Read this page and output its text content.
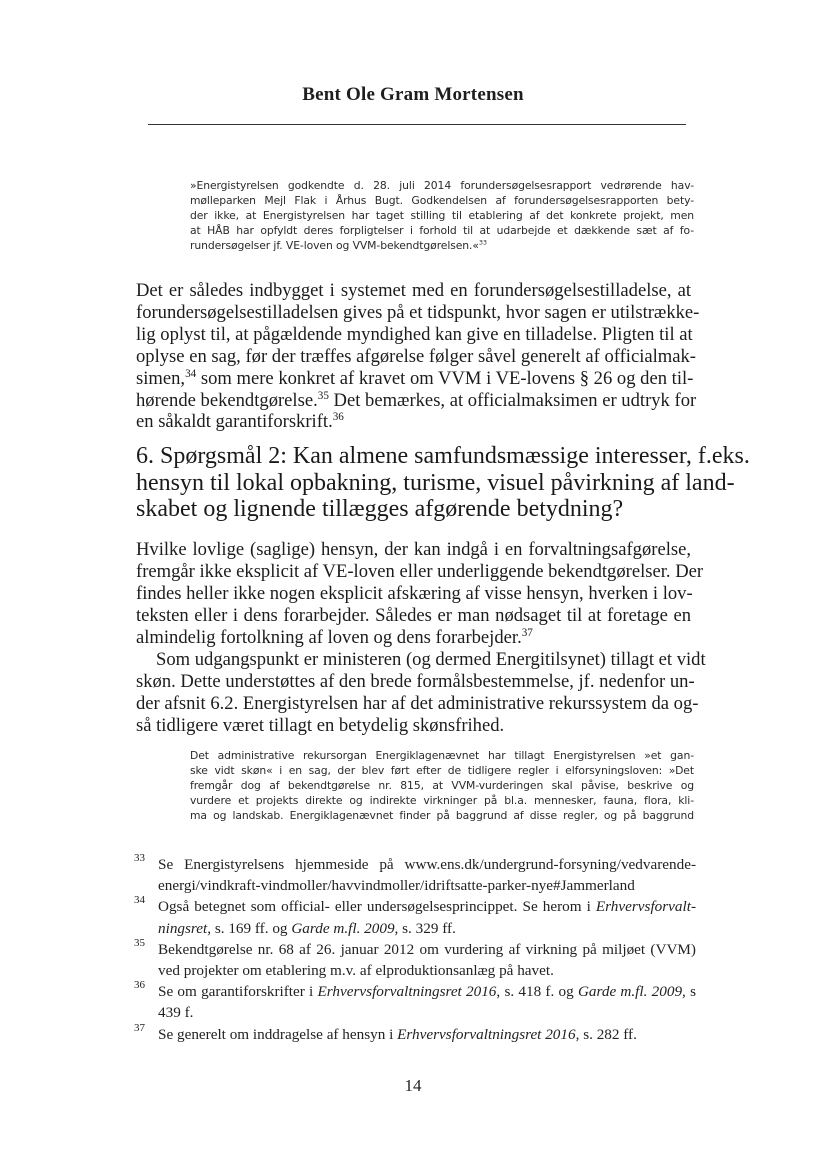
Bent Ole Gram Mortensen
»Energistyrelsen godkendte d. 28. juli 2014 forundersøgelsesrapport vedrørende hav-
mølleparken Mejl Flak i Århus Bugt. Godkendelsen af forundersøgelsesrapporten bety-
der ikke, at Energistyrelsen har taget stilling til etablering af det konkrete projekt, men
at HÅB har opfyldt deres forpligtelser i forhold til at udarbejde et dækkende sæt af fo-
rundersøgelser jf. VE-loven og VVM-bekendtgørelsen.«$^{33}$
Det er således indbygget i systemet med en forundersøgelsestilladelse, at
forundersøgelsestilladelsen gives på et tidspunkt, hvor sagen er utilstrække-
lig oplyst til, at pågældende myndighed kan give en tilladelse. Pligten til at
oplyse en sag, før der træffes afgørelse følger såvel generelt af officialmak-
simen,$^{34}$ som mere konkret af kravet om VVM i VE-lovens § 26 og den til-
hørende bekendtgørelse.$^{35}$ Det bemærkes, at officialmaksimen er udtryk for
en såkaldt garantiforskrift.$^{36}$
6. Spørgsmål 2: Kan almene samfundsmæssige interesser, f.eks.
hensyn til lokal opbakning, turisme, visuel påvirkning af land-
skabet og lignende tillægges afgørende betydning?
Hvilke lovlige (saglige) hensyn, der kan indgå i en forvaltningsafgørelse,
fremgår ikke eksplicit af VE-loven eller underliggende bekendtgørelser. Der
findes heller ikke nogen eksplicit afskæring af visse hensyn, hverken i lov-
teksten eller i dens forarbejder. Således er man nødsaget til at foretage en
almindelig fortolkning af loven og dens forarbejder.$^{37}$
Som udgangspunkt er ministeren (og dermed Energitilsynet) tillagt et vidt
skøn. Dette understøttes af den brede formålsbestemmelse, jf. nedenfor un-
der afsnit 6.2. Energistyrelsen har af det administrative rekurssystem da og-
så tidligere været tillagt en betydelig skønsfrihed.
Det administrative rekursorgan Energiklagenævnet har tillagt Energistyrelsen »et gan-
ske vidt skøn« i en sag, der blev ført efter de tidligere regler i elforsyningsloven: »Det
fremgår dog af bekendtgørelse nr. 815, at VVM-vurderingen skal påvise, beskrive og
vurdere et projekts direkte og indirekte virkninger på bl.a. mennesker, fauna, flora, kli-
ma og landskab. Energiklagenævnet finder på baggrund af disse regler, og på baggrund
33 Se Energistyrelsens hjemmeside på www.ens.dk/undergrund-forsyning/vedvarende-
energi/vindkraft-vindmoller/havvindmoller/idriftsatte-parker-nye#Jammerland
34 Også betegnet som official- eller undersøgelsesprincippet. Se herom i Erhvervsforvalt-
ningsret, s. 169 ff. og Garde m.fl. 2009, s. 329 ff.
35 Bekendtgørelse nr. 68 af 26. januar 2012 om vurdering af virkning på miljøet (VVM)
ved projekter om etablering m.v. af elproduktionsanlæg på havet.
36 Se om garantiforskrifter i Erhvervsforvaltningsret 2016, s. 418 f. og Garde m.fl. 2009, s
439 f.
37 Se generelt om inddragelse af hensyn i Erhvervsforvaltningsret 2016, s. 282 ff.
14
